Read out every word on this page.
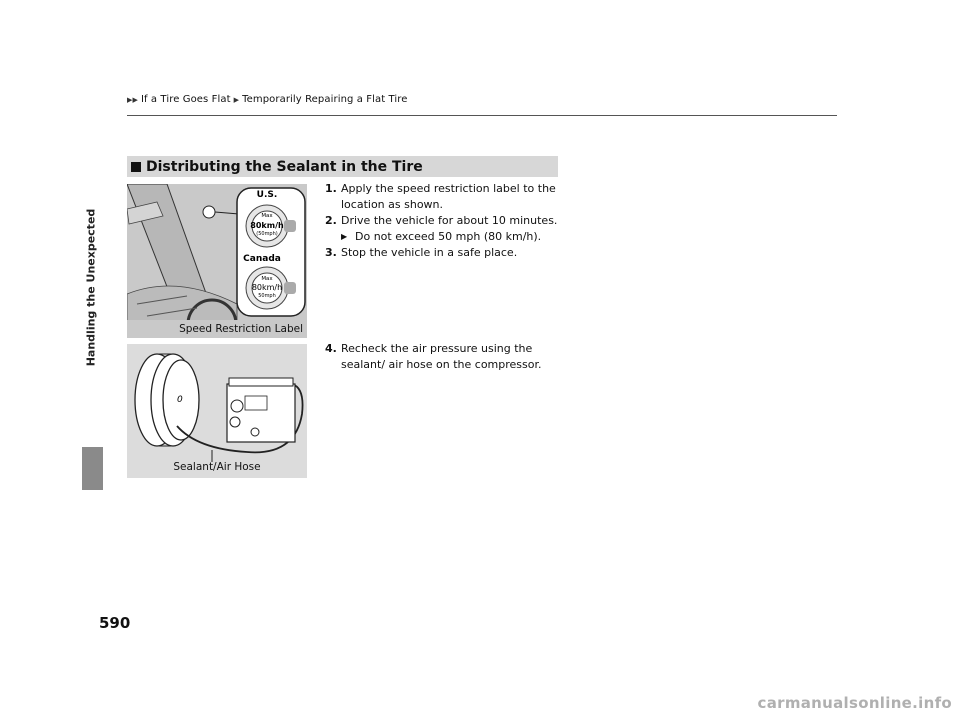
▶▶ If a Tire Goes Flat ▶ Temporarily Repairing a Flat Tire
Handling the Unexpected
Distributing the Sealant in the Tire
Max
80km/h
(50mph)
Max
80km/h
50mph
U.S.
Canada
Speed Restriction Label
0
Sealant/Air Hose
1. Apply the speed restriction label to the location as shown.
2. Drive the vehicle for about 10 minutes.
▶ Do not exceed 50 mph (80 km/h).
3. Stop the vehicle in a safe place.
4. Recheck the air pressure using the sealant/ air hose on the compressor.
590
carmanualsonline.info
